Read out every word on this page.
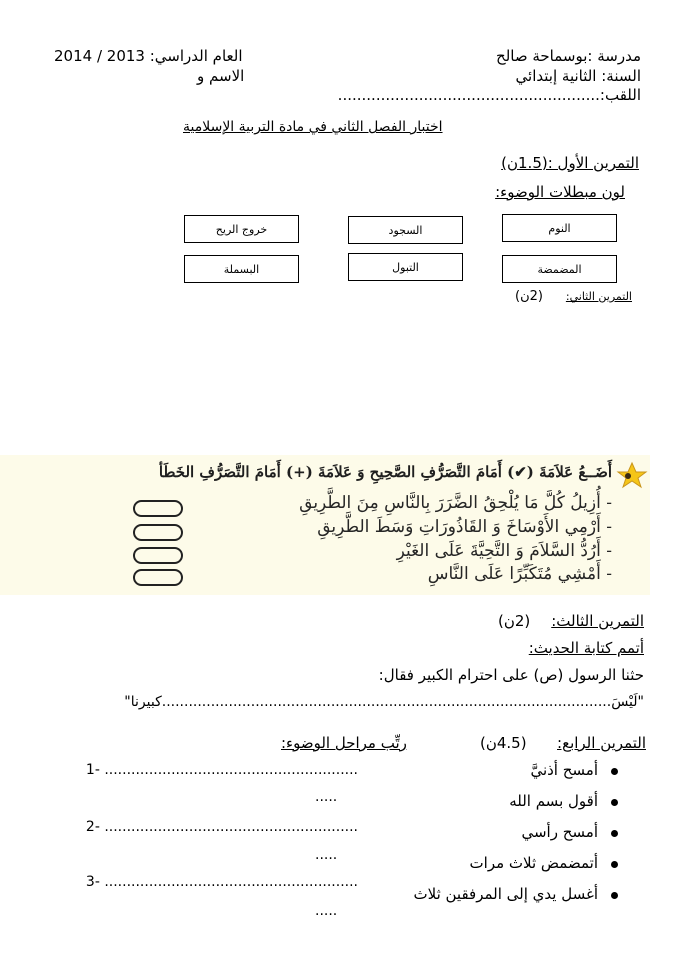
مدرسة :بوسماحة صالح
السنة: الثانية إبتدائي
اللقب:.......................................................
العام الدراسي: 2013 / 2014
الاسم و
اختبار الفصل الثاني في مادة التربية الإسلامية
التمرين الأول :(1.5ن)
لون مبطلات الوضوء:
النوم
السجود
خروج الريح
المضمضة
التبول
البسملة
التمرين الثاني:
(2ن)
أَضَــعُ عَلاَمَةَ (✔) أَمَامَ التَّصَرُّفِ الصَّحِيحِ وَ عَلاَمَةَ (+) أَمَامَ التَّصَرُّفِ الخَطَأ
- أُزِيلُ كُلَّ مَا يُلْحِقُ الضَّرَرَ بِالنَّاسِ مِنَ الطَّرِيقِ
- أَرْمِي الأَوْسَاخَ وَ القَاذُورَاتِ وَسَطَ الطَّرِيقِ
- أَرُدُّ السَّلاَمَ وَ التَّحِيَّةَ عَلَى الغَيْرِ
- أَمْشِي مُتَكَبِّرًا عَلَى النَّاسِ
التمرين الثالث:
(2ن)
أتمم كتابة الحديث:
حثنا الرسول (ص) على احترام الكبير فقال:
"لَيْسَ.....................................................................................................كبيرنا"
التمرين الرابع:
(4.5ن)
رتِّب مراحل الوضوء:
أمسح أذنيَّ
أقول بسم الله
أمسح رأسي
أتمضمض ثلاث مرات
أغسل يدي إلى المرفقين ثلاث
1- .........................................................
.....
2- .........................................................
.....
3- .........................................................
.....
